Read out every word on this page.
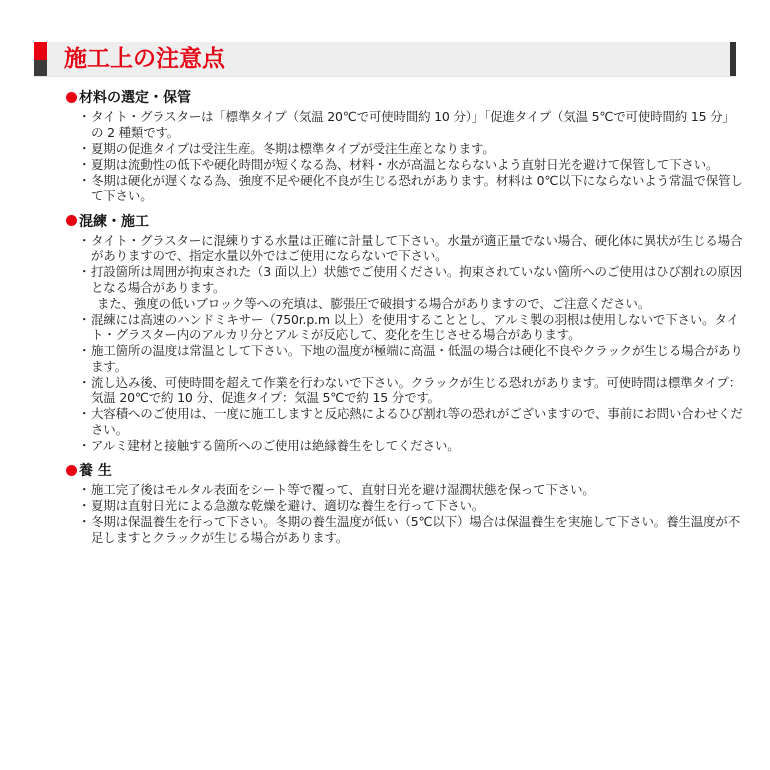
施工上の注意点
材料の選定・保管
・ タイト・グラスターは「標準タイプ（気温 20℃で可使時間約 10 分）」「促進タイプ（気温 5℃で可使時間約 15 分」の 2 種類です。
・ 夏期の促進タイプは受注生産。冬期は標準タイプが受注生産となります。
・ 夏期は流動性の低下や硬化時間が短くなる為、材料・水が高温とならないよう直射日光を避けて保管して下さい。
・ 冬期は硬化が遅くなる為、強度不足や硬化不良が生じる恐れがあります。材料は 0℃以下にならないよう常温で保管して下さい。
混練・施工
・ タイト・グラスターに混練りする水量は正確に計量して下さい。水量が適正量でない場合、硬化体に異状が生じる場合がありますので、指定水量以外ではご使用にならないで下さい。
・ 打設箇所は周囲が拘束された（3 面以上）状態でご使用ください。拘束されていない箇所へのご使用はひび割れの原因となる場合があります。
また、強度の低いブロック等への充填は、膨張圧で破損する場合がありますので、ご注意ください。
・ 混練には高速のハンドミキサー（750r.p.m 以上）を使用することとし、アルミ製の羽根は使用しないで下さい。タイト・グラスター内のアルカリ分とアルミが反応して、変化を生じさせる場合があります。
・ 施工箇所の温度は常温として下さい。下地の温度が極端に高温・低温の場合は硬化不良やクラックが生じる場合があります。
・ 流し込み後、可使時間を超えて作業を行わないで下さい。クラックが生じる恐れがあります。可使時間は標準タイプ：気温 20℃で約 10 分、促進タイプ：気温 5℃で約 15 分です。
・ 大容積へのご使用は、一度に施工しますと反応熱によるひび割れ等の恐れがございますので、事前にお問い合わせください。
・ アルミ建材と接触する箇所へのご使用は絶縁養生をしてください。
養 生
・ 施工完了後はモルタル表面をシート等で覆って、直射日光を避け湿潤状態を保って下さい。
・ 夏期は直射日光による急激な乾燥を避け、適切な養生を行って下さい。
・ 冬期は保温養生を行って下さい。冬期の養生温度が低い（5℃以下）場合は保温養生を実施して下さい。養生温度が不足しますとクラックが生じる場合があります。
